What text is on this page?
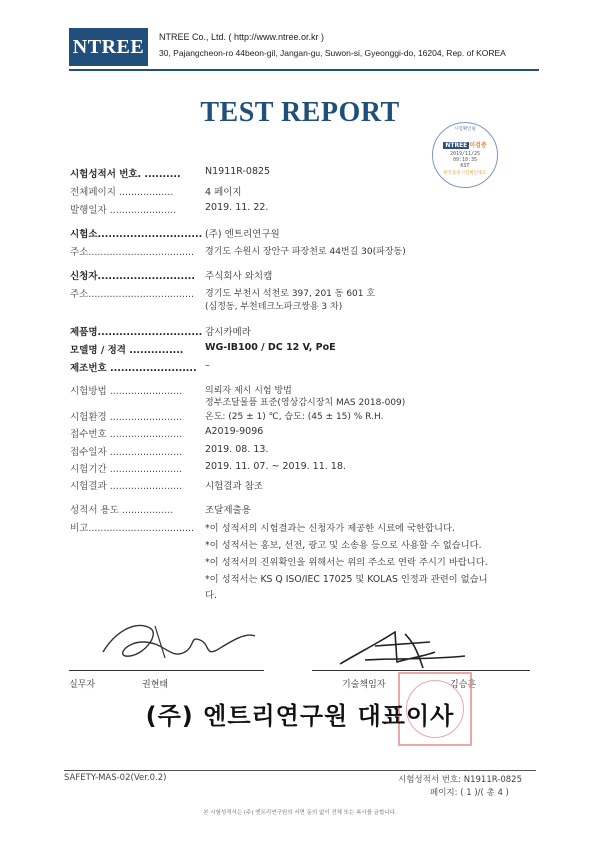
NTREE	NTREE Co., Ltd. ( http://www.ntree.or.kr )
30, Pajangcheon-ro 44beon-gil, Jangan-gu, Suwon-si, Gyeonggi-do, 16204, Rep. of KOREA
TEST REPORT
시험확인필
NTREE 이검증
2019/11/25
09:10:35
KST
한국품질시험확인제도
시험성적서 번호. ..........	N1911R-0825
전체페이지 ..................	4 페이지
발행일자 ......................	2019. 11. 22.
시험소............................. (주) 엔트리연구원
주소................................... 경기도 수원시 장안구 파장천로 44번길 30(파장동)
신청자........................... 주식회사 와치캠
주소................................... 경기도 부천시 석천로 397, 201 동 601 호
(심정동, 부천테크노파크쌍용 3 차)
제품명............................. 감시카메라
모델명 / 정격 ............... WG-IB100 / DC 12 V, PoE
제조번호 ........................ –
시험방법 ........................	의뢰자 제시 시험 방법
정부조달물품 표준(영상감시장치 MAS 2018-009)
시험환경 ........................	온도: (25 ± 1) ℃, 습도: (45 ± 15) % R.H.
접수번호 ........................ A2019-9096
접수일자 ........................ 2019. 08. 13.
시험기간 ........................ 2019. 11. 07. ~ 2019. 11. 18.
시험결과 ........................ 시험결과 참조
성적서 용도 .................	조달제출용
비고................................... *이 성적서의 시험결과는 신청자가 제공한 시료에 국한합니다.
*이 성적서는 홍보, 선전, 광고 및 소송용 등으로 사용할 수 없습니다.
*이 성적서의 진위확인을 위해서는 위의 주소로 연락 주시기 바랍니다.
*이 성적서는 KS Q ISO/IEC 17025 및 KOLAS 인정과 관련이 없습니
다.
실무자	권현태	기술책임자	김승훈
(주) 엔트리연구원 대표이사
SAFETY-MAS-02(Ver.0.2)	시험성적서 번호: N1911R-0825
페이지: ( 1 )/( 총 4 )
본 시험성적서는 (주) 엔트리연구원의 서면 동의 없이 전체 또는 복사를 금합니다.
